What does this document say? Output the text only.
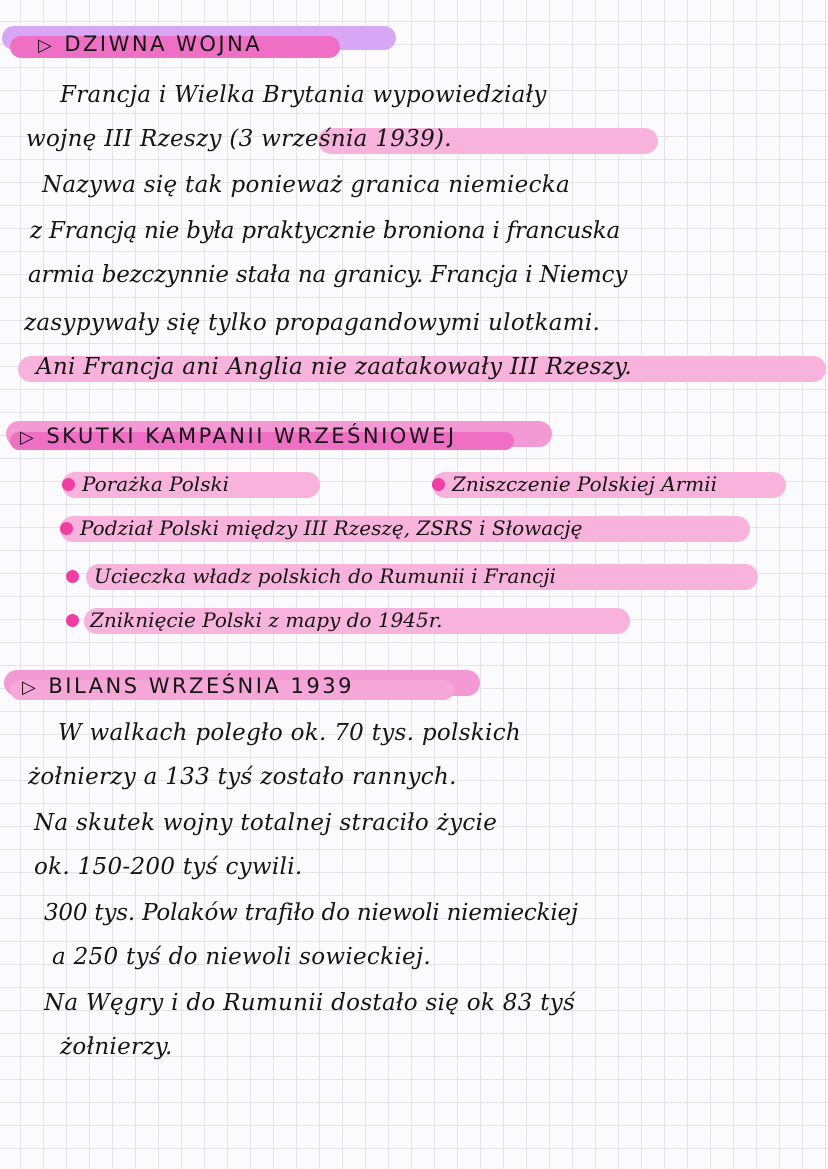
▷ DZIWNA WOJNA
Francja i Wielka Brytania wypowiedziały
wojnę III Rzeszy (3 września 1939).
Nazywa się tak ponieważ granica niemiecka
z Francją nie była praktycznie broniona i francuska
armia bezczynnie stała na granicy. Francja i Niemcy
zasypywały się tylko propagandowymi ulotkami.
Ani Francja ani Anglia nie zaatakowały III Rzeszy.
▷ SKUTKI KAMPANII WRZEŚNIOWEJ
Porażka Polski	Zniszczenie Polskiej Armii
Podział Polski między III Rzeszę, ZSRS i Słowację
Ucieczka władz polskich do Rumunii i Francji
Zniknięcie Polski z mapy do 1945r.
▷ BILANS WRZEŚNIA 1939
W walkach poległo ok. 70 tys. polskich
żołnierzy a 133 tyś zostało rannych.
Na skutek wojny totalnej straciło życie
ok. 150-200 tyś cywili.
300 tys. Polaków trafiło do niewoli niemieckiej
a 250 tyś do niewoli sowieckiej.
Na Węgry i do Rumunii dostało się ok 83 tyś
żołnierzy.
